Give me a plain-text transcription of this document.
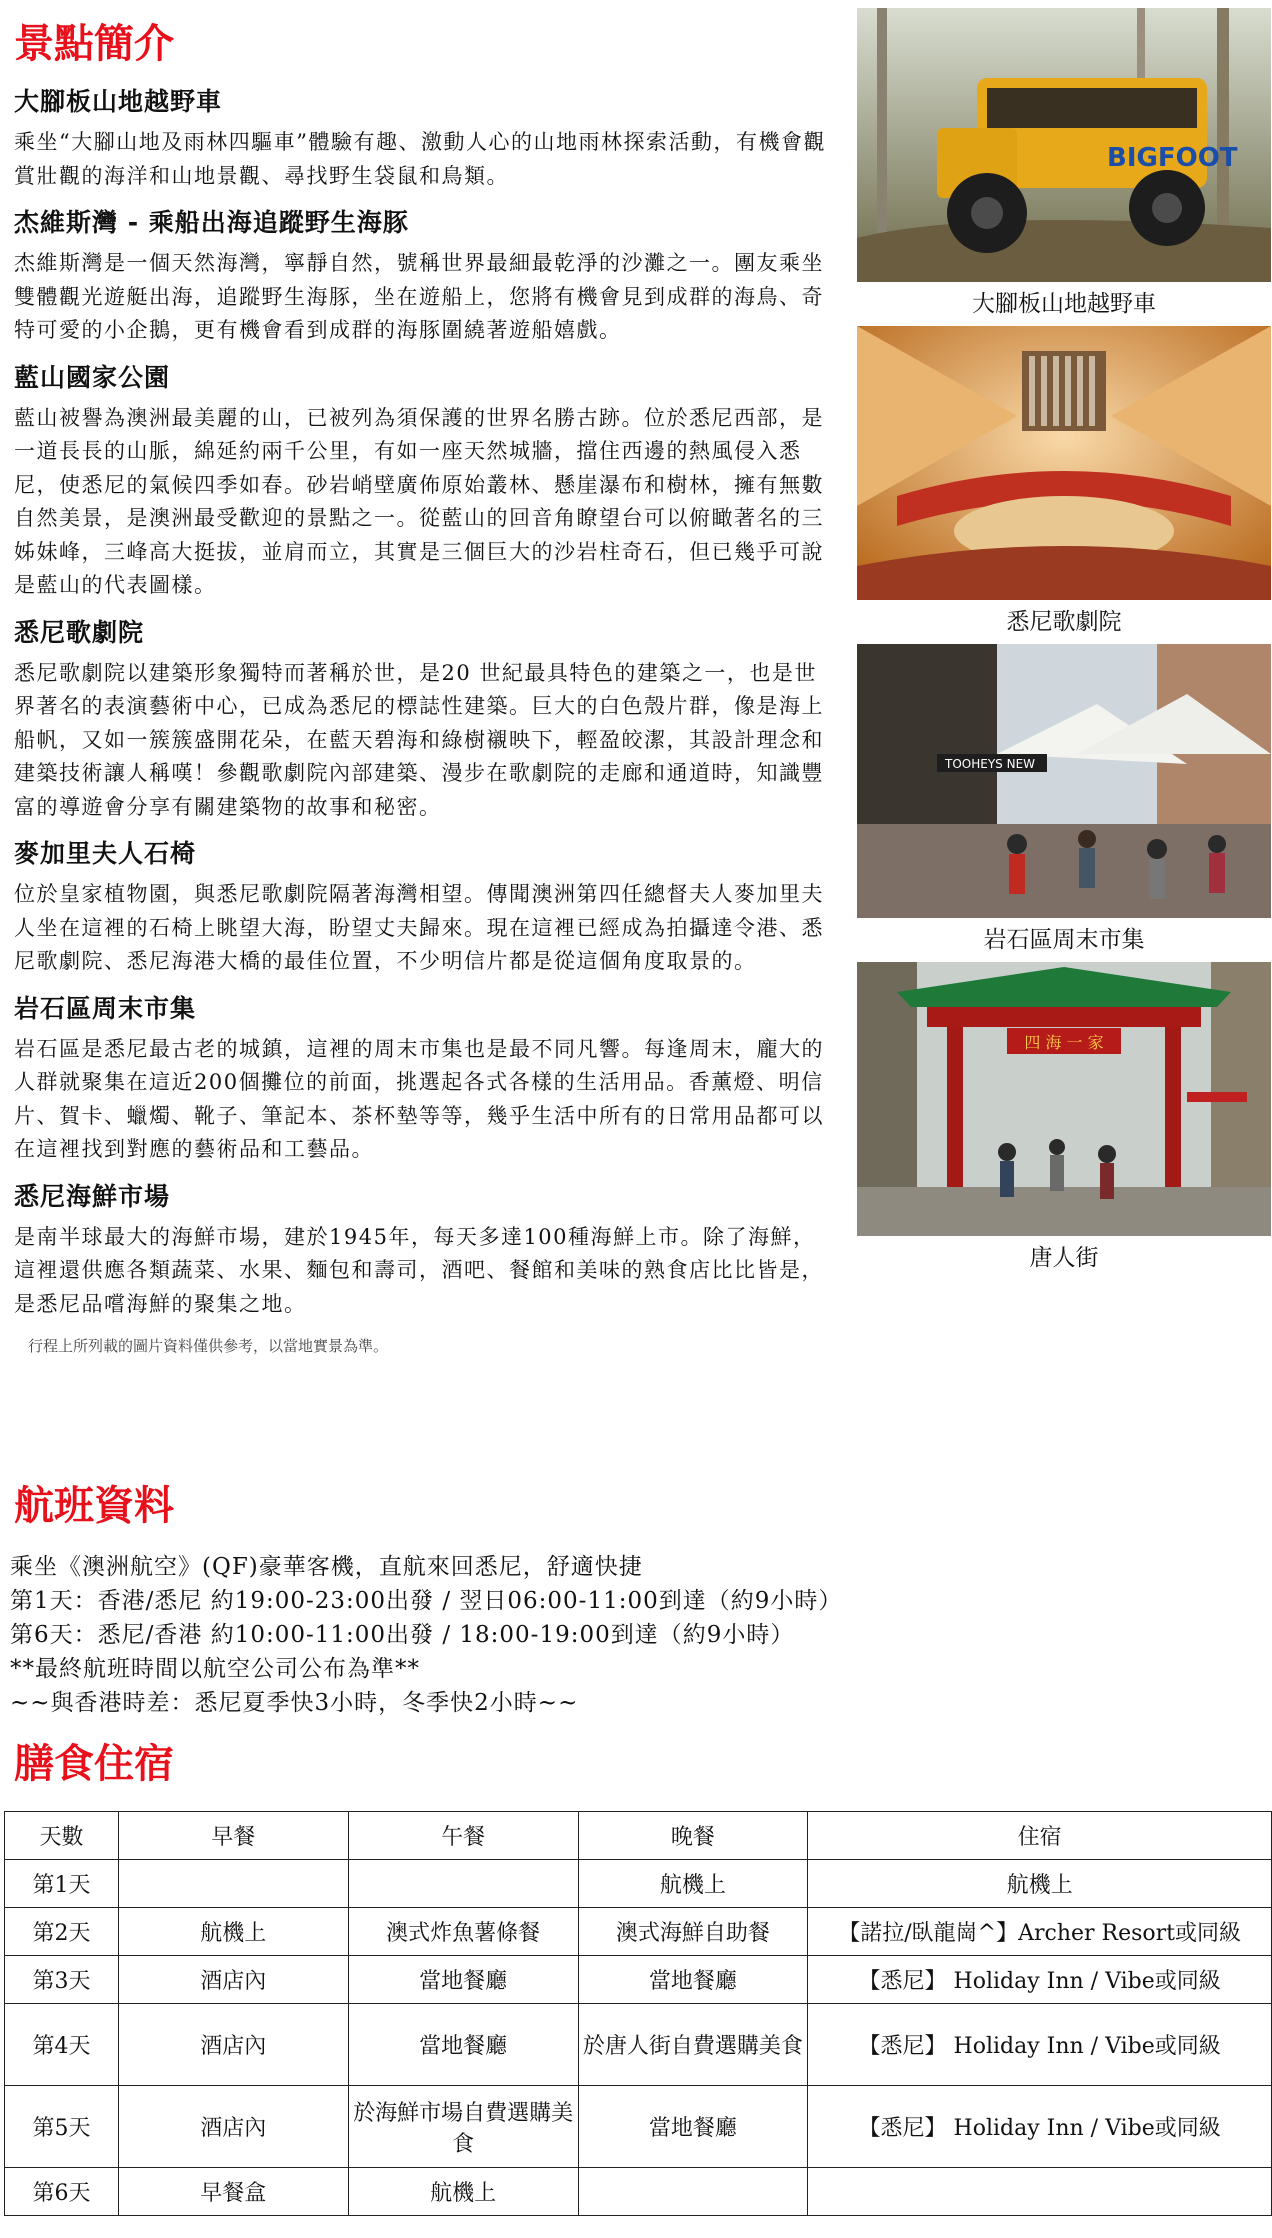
景點簡介
大腳板山地越野車

乘坐“大腳山地及雨林四驅車”體驗有趣、激動人心的山地雨林探索活動，有機會觀賞壯觀的海洋和山地景觀、尋找野生袋鼠和鳥類。

杰維斯灣 - 乘船出海追蹤野生海豚

杰維斯灣是一個天然海灣，寧靜自然，號稱世界最細最乾淨的沙灘之一。團友乘坐雙體觀光遊艇出海，追蹤野生海豚，坐在遊船上，您將有機會見到成群的海鳥、奇特可愛的小企鵝，更有機會看到成群的海豚圍繞著遊船嬉戲。

藍山國家公園

藍山被譽為澳洲最美麗的山，已被列為須保護的世界名勝古跡。位於悉尼西部，是一道長長的山脈，綿延約兩千公里，有如一座天然城牆，擋住西邊的熱風侵入悉尼，使悉尼的氣候四季如春。砂岩峭壁廣佈原始叢林、懸崖瀑布和樹林，擁有無數自然美景，是澳洲最受歡迎的景點之一。從藍山的回音角瞭望台可以俯瞰著名的三姊妹峰，三峰高大挺拔，並肩而立，其實是三個巨大的沙岩柱奇石，但已幾乎可說是藍山的代表圖樣。

悉尼歌劇院

悉尼歌劇院以建築形象獨特而著稱於世，是20 世紀最具特色的建築之一，也是世界著名的表演藝術中心，已成為悉尼的標誌性建築。巨大的白色殼片群，像是海上船帆，又如一簇簇盛開花朵，在藍天碧海和綠樹襯映下，輕盈皎潔，其設計理念和建築技術讓人稱嘆！參觀歌劇院內部建築、漫步在歌劇院的走廊和通道時，知識豐富的導遊會分享有關建築物的故事和秘密。

麥加里夫人石椅

位於皇家植物園，與悉尼歌劇院隔著海灣相望。傳聞澳洲第四任總督夫人麥加里夫人坐在這裡的石椅上眺望大海，盼望丈夫歸來。現在這裡已經成為拍攝達令港、悉尼歌劇院、悉尼海港大橋的最佳位置，不少明信片都是從這個角度取景的。

岩石區周末市集

岩石區是悉尼最古老的城鎮，這裡的周末市集也是最不同凡響。每逢周末，龐大的人群就聚集在這近200個攤位的前面，挑選起各式各樣的生活用品。香薰燈、明信片、賀卡、蠟燭、靴子、筆記本、茶杯墊等等，幾乎生活中所有的日常用品都可以在這裡找到對應的藝術品和工藝品。

悉尼海鮮市場

是南半球最大的海鮮市場，建於1945年，每天多達100種海鮮上市。除了海鮮，這裡還供應各類蔬菜、水果、麵包和壽司，酒吧、餐館和美味的熟食店比比皆是，是悉尼品嚐海鮮的聚集之地。

行程上所列載的圖片資料僅供參考，以當地實景為準。
BIGFOOT
大腳板山地越野車
悉尼歌劇院
TOOHEYS NEW
岩石區周末市集
四 海 一 家
唐人街
航班資料
乘坐《澳洲航空》(QF)豪華客機，直航來回悉尼，舒適快捷
第1天：香港/悉尼 約19:00-23:00出發 / 翌日06:00-11:00到達（約9小時）
第6天：悉尼/香港 約10:00-11:00出發 / 18:00-19:00到達（約9小時）
**最終航班時間以航空公司公布為準**
~~與香港時差：悉尼夏季快3小時，冬季快2小時~~
膳食住宿
天數	早餐	午餐	晚餐	住宿
第1天			航機上	航機上
第2天	航機上	澳式炸魚薯條餐	澳式海鮮自助餐	【諾拉/臥龍崗^】Archer Resort或同級
第3天	酒店內	當地餐廳	當地餐廳	【悉尼】 Holiday Inn / Vibe或同級
第4天	酒店內	當地餐廳	於唐人街自費選購美食	【悉尼】 Holiday Inn / Vibe或同級
第5天	酒店內	於海鮮市場自費選購美食	當地餐廳	【悉尼】 Holiday Inn / Vibe或同級
第6天	早餐盒	航機上		
